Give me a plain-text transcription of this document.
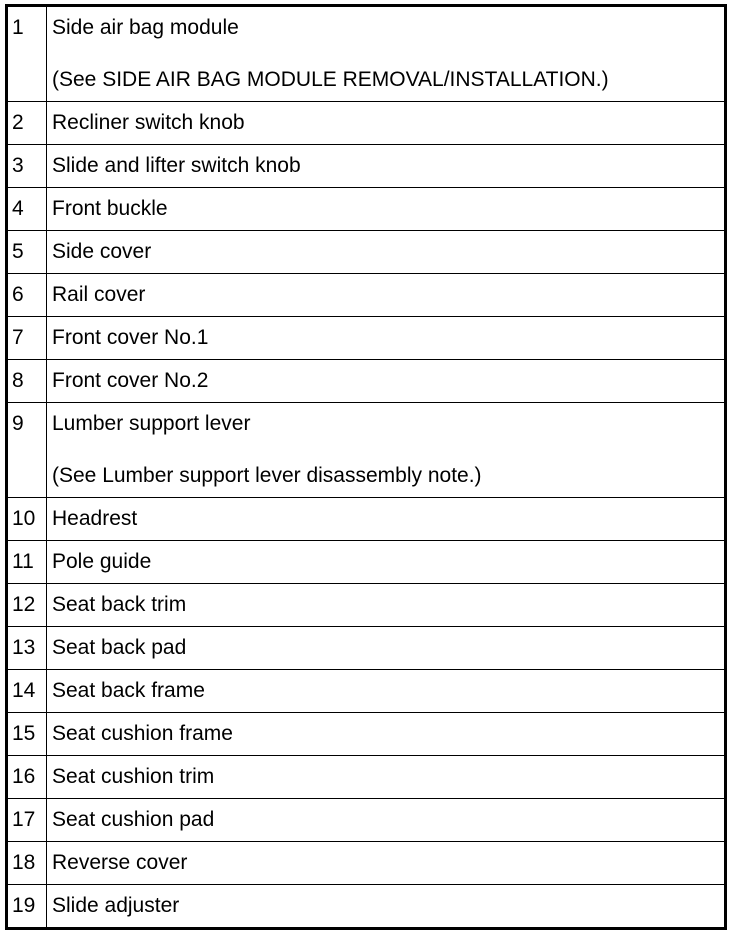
1	Side air bag module
(See SIDE AIR BAG MODULE REMOVAL/INSTALLATION.)

2	Recliner switch knob
3	Slide and lifter switch knob
4	Front buckle
5	Side cover
6	Rail cover
7	Front cover No.1
8	Front cover No.2
9	Lumber support lever
(See Lumber support lever disassembly note.)

10	Headrest
11	Pole guide
12	Seat back trim
13	Seat back pad
14	Seat back frame
15	Seat cushion frame
16	Seat cushion trim
17	Seat cushion pad
18	Reverse cover
19	Slide adjuster
